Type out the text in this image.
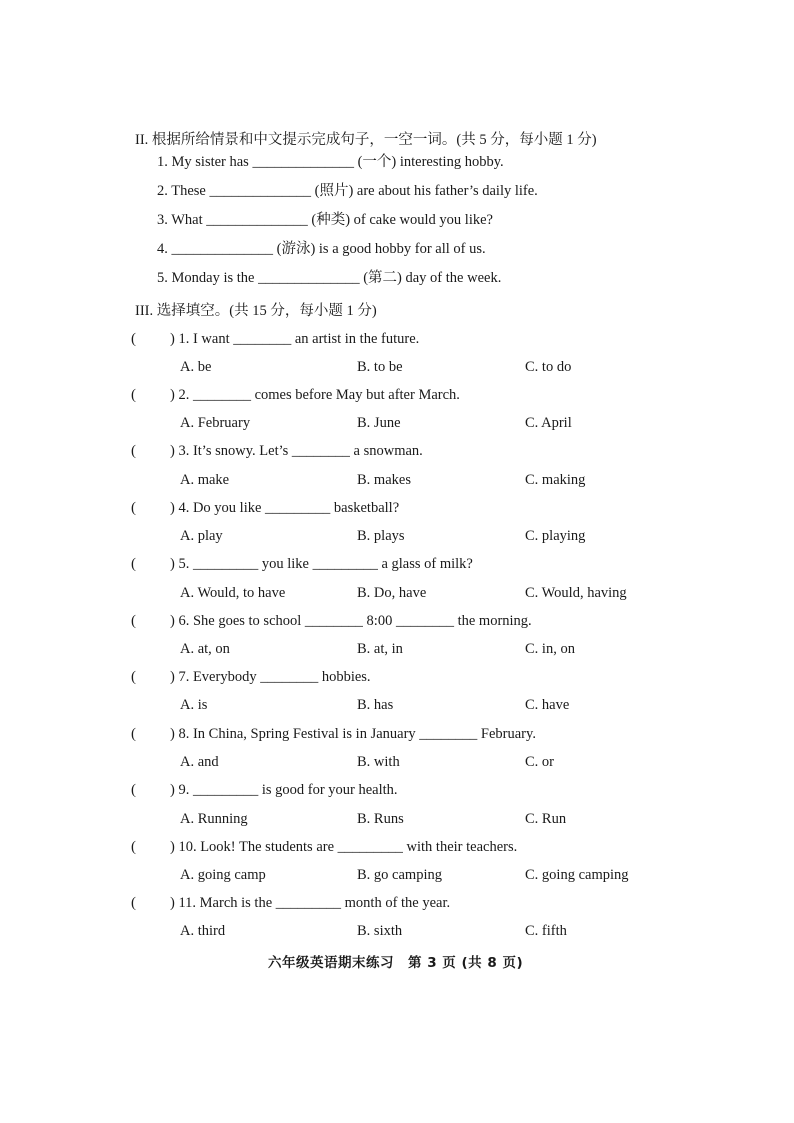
II. 根据所给情景和中文提示完成句子，一空一词。(共 5 分，每小题 1 分)
1. My sister has ______________ (一个) interesting hobby.
2. These ______________ (照片) are about his father’s daily life.
3. What ______________ (种类) of cake would you like?
4. ______________ (游泳) is a good hobby for all of us.
5. Monday is the ______________ (第二) day of the week.
III. 选择填空。(共 15 分，每小题 1 分)
( ) 1. I want ________ an artist in the future.
A. be	B. to be	C. to do
( ) 2. ________ comes before May but after March.
A. February	B. June	C. April
( ) 3. It’s snowy. Let’s ________ a snowman.
A. make	B. makes	C. making
( ) 4. Do you like _________ basketball?
A. play	B. plays	C. playing
( ) 5. _________ you like _________ a glass of milk?
A. Would, to have	B. Do, have	C. Would, having
( ) 6. She goes to school ________ 8:00 ________ the morning.
A. at, on	B. at, in	C. in, on
( ) 7. Everybody ________ hobbies.
A. is	B. has	C. have
( ) 8. In China, Spring Festival is in January ________ February.
A. and	B. with	C. or
( ) 9. _________ is good for your health.
A. Running	B. Runs	C. Run
( ) 10. Look! The students are _________ with their teachers.
A. going camp	B. go camping	C. going camping
( ) 11. March is the _________ month of the year.
A. third	B. sixth	C. fifth
六年级英语期末练习　第 3 页 (共 8 页)
